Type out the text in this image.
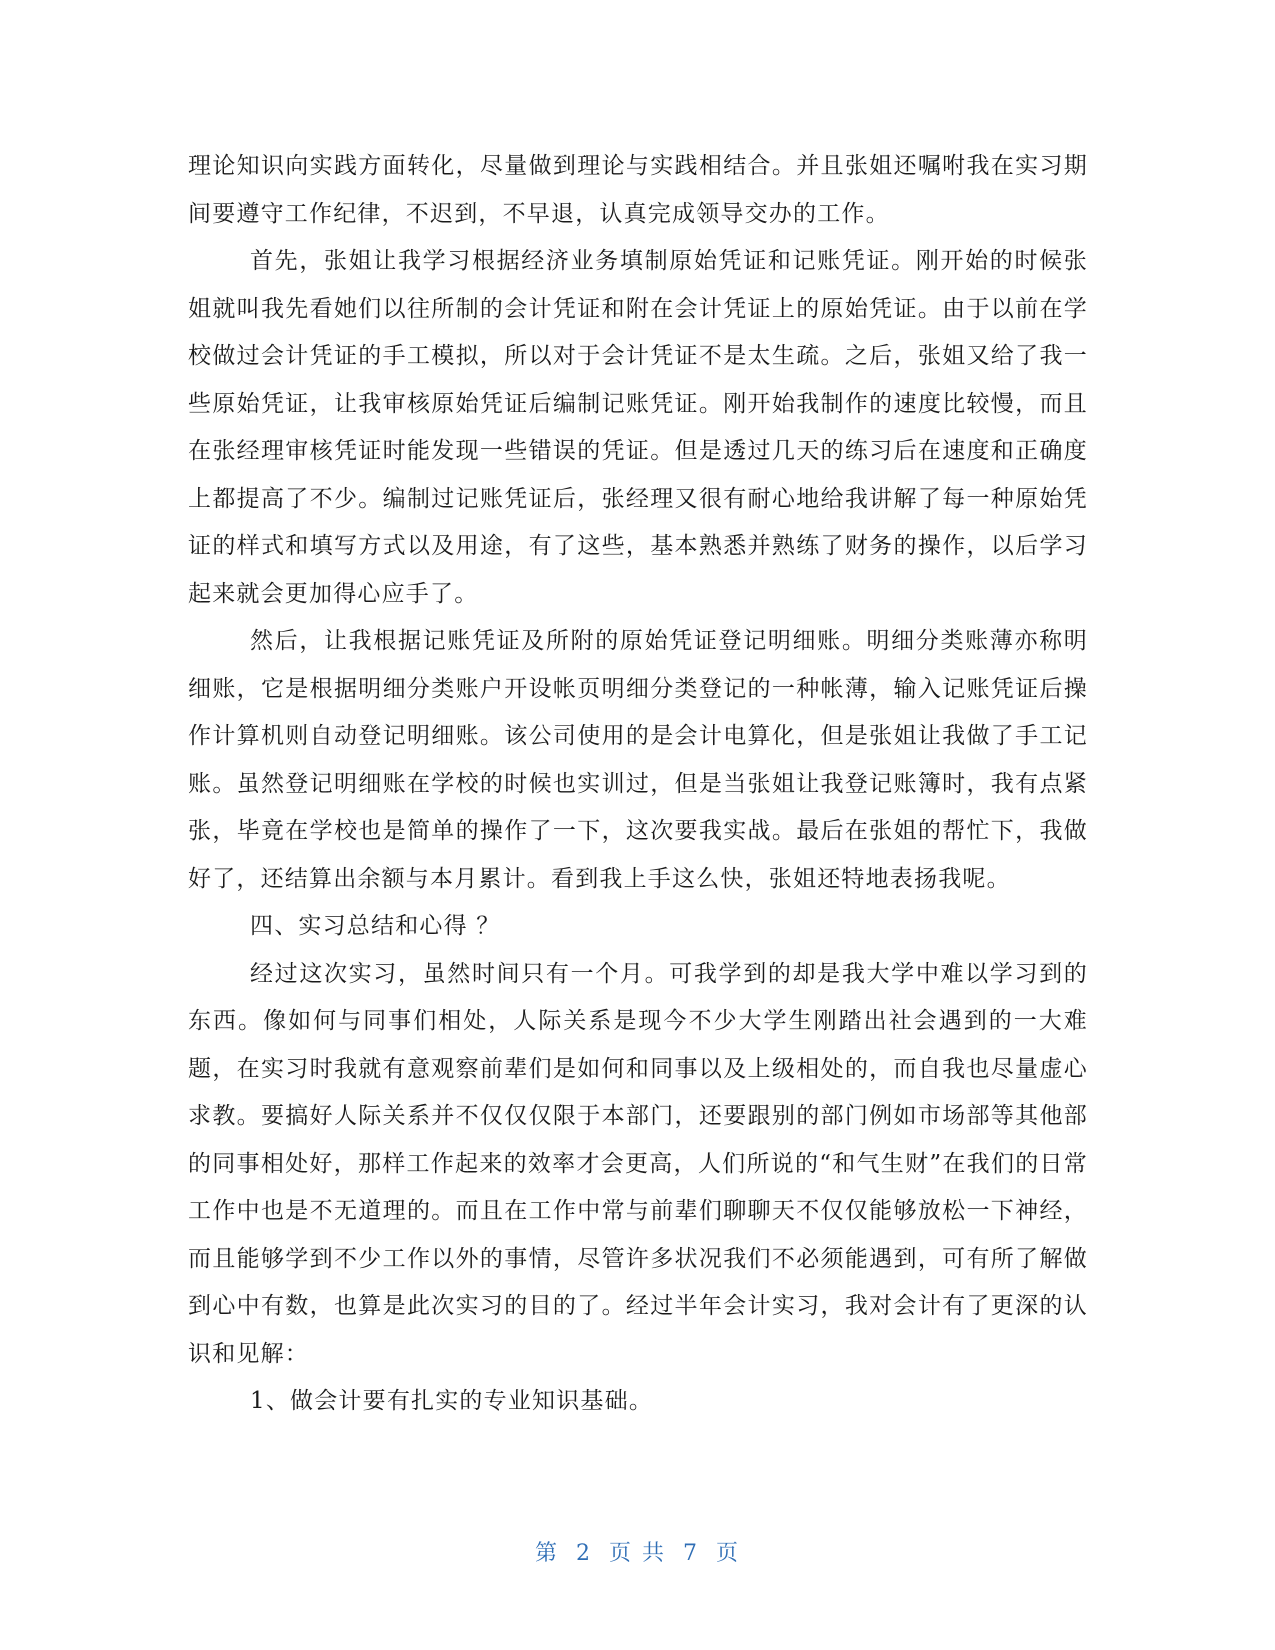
理论知识向实践方面转化，尽量做到理论与实践相结合。并且张姐还嘱咐我在实习期间要遵守工作纪律，不迟到，不早退，认真完成领导交办的工作。

首先，张姐让我学习根据经济业务填制原始凭证和记账凭证。刚开始的时候张姐就叫我先看她们以往所制的会计凭证和附在会计凭证上的原始凭证。由于以前在学校做过会计凭证的手工模拟，所以对于会计凭证不是太生疏。之后，张姐又给了我一些原始凭证，让我审核原始凭证后编制记账凭证。刚开始我制作的速度比较慢，而且在张经理审核凭证时能发现一些错误的凭证。但是透过几天的练习后在速度和正确度上都提高了不少。编制过记账凭证后，张经理又很有耐心地给我讲解了每一种原始凭证的样式和填写方式以及用途，有了这些，基本熟悉并熟练了财务的操作，以后学习起来就会更加得心应手了。

然后，让我根据记账凭证及所附的原始凭证登记明细账。明细分类账薄亦称明细账，它是根据明细分类账户开设帐页明细分类登记的一种帐薄，输入记账凭证后操作计算机则自动登记明细账。该公司使用的是会计电算化，但是张姐让我做了手工记账。虽然登记明细账在学校的时候也实训过，但是当张姐让我登记账簿时，我有点紧张，毕竟在学校也是简单的操作了一下，这次要我实战。最后在张姐的帮忙下，我做好了，还结算出余额与本月累计。看到我上手这么快，张姐还特地表扬我呢。

四、实习总结和心得 ？

经过这次实习，虽然时间只有一个月。可我学到的却是我大学中难以学习到的东西。像如何与同事们相处，人际关系是现今不少大学生刚踏出社会遇到的一大难题，在实习时我就有意观察前辈们是如何和同事以及上级相处的，而自我也尽量虚心求教。要搞好人际关系并不仅仅仅限于本部门，还要跟别的部门例如市场部等其他部的同事相处好，那样工作起来的效率才会更高，人们所说的“和气生财”在我们的日常工作中也是不无道理的。而且在工作中常与前辈们聊聊天不仅仅能够放松一下神经，而且能够学到不少工作以外的事情，尽管许多状况我们不必须能遇到，可有所了解做到心中有数，也算是此次实习的目的了。经过半年会计实习，我对会计有了更深的认识和见解：

1、做会计要有扎实的专业知识基础。

第 2 页 共 7 页
